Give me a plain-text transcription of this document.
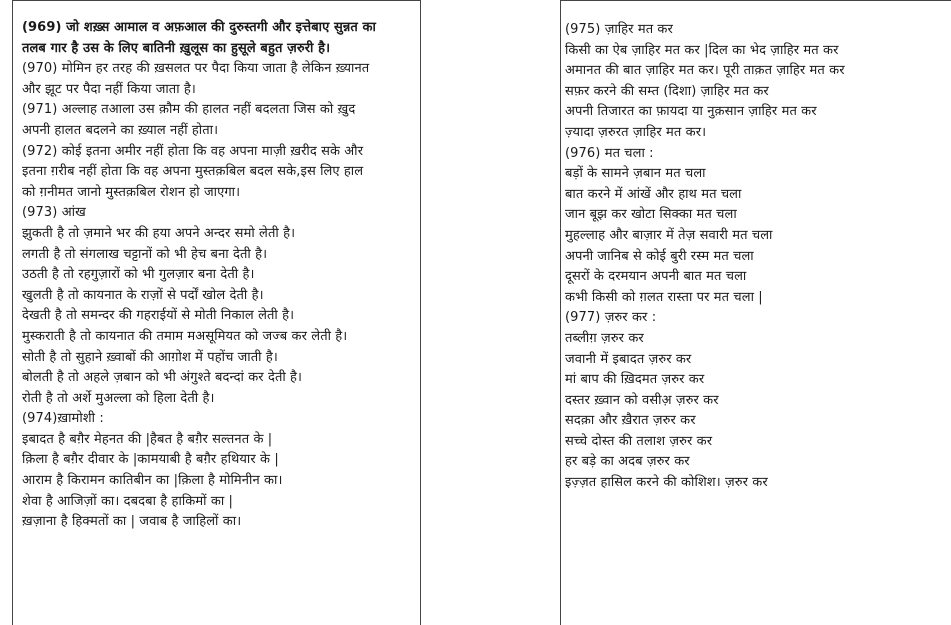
(969) जो शख़्स आमाल व अफ़आल की दुरुस्तगी और इत्तेबाए सुन्नत का
तलब गार है उस के लिए बातिनी ख़ुलूस का हुसूले बहुत ज़रुरी है।
(970) मोमिन हर तरह की ख़सलत पर पैदा किया जाता है लेकिन ख़्यानत
और झूट पर पैदा नहीं किया जाता है।
(971) अल्लाह तआला उस क़ौम की हालत नहीं बदलता जिस को ख़ुद
अपनी हालत बदलने का ख़्याल नहीं होता।
(972) कोई इतना अमीर नहीं होता कि वह अपना माज़ी ख़रीद सके और
इतना ग़रीब नहीं होता कि वह अपना मुस्तक़बिल बदल सके,इस लिए हाल
को ग़नीमत जानो मुस्तक़बिल रोशन हो जाएगा।
(973) आंख
झुकती है तो ज़माने भर की हया अपने अन्दर समो लेती है।
लगती है तो संगलाख चट्टानों को भी हेच बना देती है।
उठती है तो रहगुज़ारों को भी गुलज़ार बना देती है।
खुलती है तो कायनात के राज़ों से पर्दों खोल देती है।
देखती है तो समन्दर की गहराईयों से मोती निकाल लेती है।
मुस्कराती है तो कायनात की तमाम मअसूमियत को जज्ब कर लेती है।
सोती है तो सुहाने ख़्वाबों की आग़ोश में पहोंच जाती है।
बोलती है तो अहले ज़बान को भी अंगुश्ते बदन्दां कर देती है।
रोती है तो अर्शे मुअल्ला को हिला देती है।
(974)ख़ामोशी :
इबादत है बग़ैर मेहनत की |हैबत है बग़ैर सल्तनत के |
क़िला है बग़ैर दीवार के |कामयाबी है बग़ैर हथियार के |
आराम है किरामन कातिबीन का |क़िला है मोमिनीन का।
शेवा है आजिज़ों का। दबदबा है हाकिमों का |
ख़ज़ाना है हिक्मतों का | जवाब है जाहिलों का।
(975) ज़ाहिर मत कर
किसी का ऐब ज़ाहिर मत कर |दिल का भेद ज़ाहिर मत कर
अमानत की बात ज़ाहिर मत कर। पूरी ताक़त ज़ाहिर मत कर
सफ़र करने की सम्त (दिशा) ज़ाहिर मत कर
अपनी तिजारत का फ़ायदा या नुक़सान ज़ाहिर मत कर
ज़्यादा ज़रुरत ज़ाहिर मत कर।
(976) मत चला :
बड़ों के सामने ज़बान मत चला
बात करने में आंखें और हाथ मत चला
जान बूझ कर खोटा सिक्का मत चला
मुहल्लाह और बाज़ार में तेज़ सवारी मत चला
अपनी जानिब से कोई बुरी रस्म मत चला
दूसरों के दरमयान अपनी बात मत चला
कभी किसी को ग़लत रास्ता पर मत चला |
(977) ज़रुर कर :
तब्लीग़ ज़रुर कर
जवानी में इबादत ज़रुर कर
मां बाप की ख़िदमत ज़रुर कर
दस्तर ख़्वान को वसीअ़ ज़रुर कर
सदक़ा और ख़ैरात ज़रुर कर
सच्चे दोस्त की तलाश ज़रुर कर
हर बड़े का अदब ज़रुर कर
इज़्ज़त हासिल करने की कोशिश। ज़रुर कर
